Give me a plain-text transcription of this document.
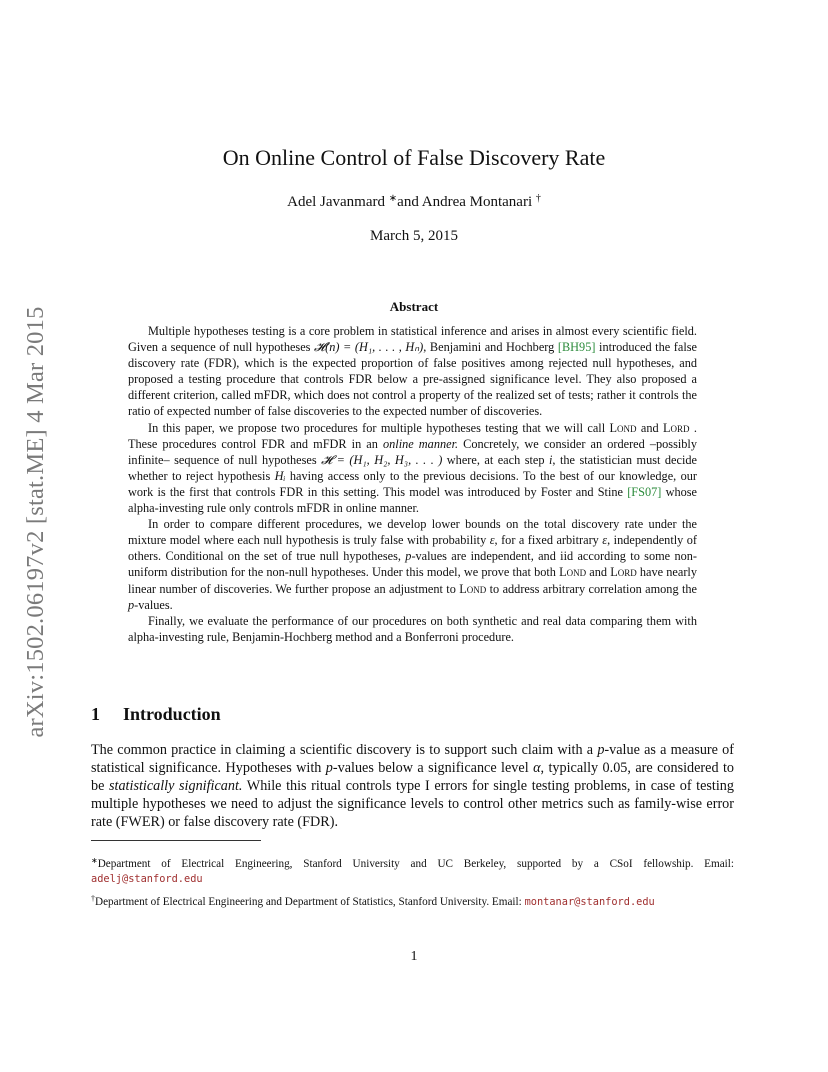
arXiv:1502.06197v2 [stat.ME] 4 Mar 2015
On Online Control of False Discovery Rate
Adel Javanmard ∗and Andrea Montanari †
March 5, 2015
Abstract

Multiple hypotheses testing is a core problem in statistical inference and arises in almost every scientific field. Given a sequence of null hypotheses 𝓗(n) = (H₁, . . . , Hₙ), Benjamini and Hochberg [BH95] introduced the false discovery rate (FDR), which is the expected proportion of false positives among rejected null hypotheses, and proposed a testing procedure that controls FDR below a pre-assigned significance level. They also proposed a different criterion, called mFDR, which does not control a property of the realized set of tests; rather it controls the ratio of expected number of false discoveries to the expected number of discoveries.

In this paper, we propose two procedures for multiple hypotheses testing that we will call Lond and Lord . These procedures control FDR and mFDR in an online manner. Concretely, we consider an ordered –possibly infinite– sequence of null hypotheses 𝓗 = (H₁, H₂, H₃, . . . ) where, at each step i, the statistician must decide whether to reject hypothesis Hᵢ having access only to the previous decisions. To the best of our knowledge, our work is the first that controls FDR in this setting. This model was introduced by Foster and Stine [FS07] whose alpha-investing rule only controls mFDR in online manner.

In order to compare different procedures, we develop lower bounds on the total discovery rate under the mixture model where each null hypothesis is truly false with probability ε, for a fixed arbitrary ε, independently of others. Conditional on the set of true null hypotheses, p-values are independent, and iid according to some non-uniform distribution for the non-null hypotheses. Under this model, we prove that both Lond and Lord have nearly linear number of discoveries. We further propose an adjustment to Lond to address arbitrary correlation among the p-values.

Finally, we evaluate the performance of our procedures on both synthetic and real data comparing them with alpha-investing rule, Benjamin-Hochberg method and a Bonferroni procedure.

1 Introduction

The common practice in claiming a scientific discovery is to support such claim with a p-value as a measure of statistical significance. Hypotheses with p-values below a significance level α, typically 0.05, are considered to be statistically significant. While this ritual controls type I errors for single testing problems, in case of testing multiple hypotheses we need to adjust the significance levels to control other metrics such as family-wise error rate (FWER) or false discovery rate (FDR).

∗Department of Electrical Engineering, Stanford University and UC Berkeley, supported by a CSoI fellowship. Email: adelj@stanford.edu

†Department of Electrical Engineering and Department of Statistics, Stanford University. Email: montanar@stanford.edu

1
